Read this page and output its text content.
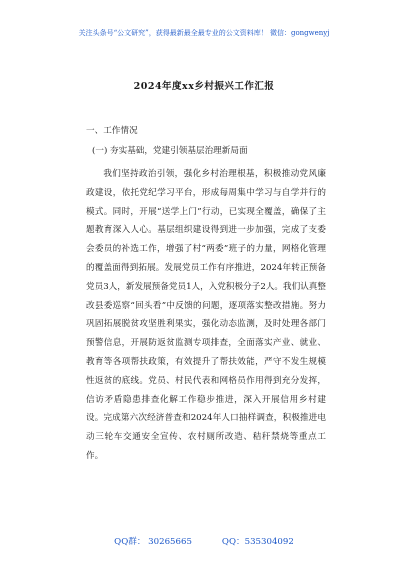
关注头条号“公文研究”，获得最新最全最专业的公文资料库！ 微信：gongwenyj
2024年度xx乡村振兴工作汇报
一、工作情况
(一) 夯实基础，党建引领基层治理新局面

我们坚持政治引领，强化乡村治理根基，积极推动党风廉政建设，依托党纪学习平台，形成每周集中学习与自学并行的模式。同时，开展“送学上门”行动，已实现全覆盖，确保了主题教育深入人心。基层组织建设得到进一步加强，完成了支委会委员的补选工作，增强了村“两委”班子的力量，网格化管理的覆盖面得到拓展。发展党员工作有序推进，2024年转正预备党员3人，新发展预备党员1人，入党积极分子2人。我们认真整改县委巡察“回头看”中反馈的问题，逐项落实整改措施。努力巩固拓展脱贫攻坚胜利果实，强化动态监测，及时处理各部门预警信息，开展防返贫监测专项排查，全面落实产业、就业、教育等各项帮扶政策，有效提升了帮扶效能，严守不发生规模性返贫的底线。党员、村民代表和网格员作用得到充分发挥，信访矛盾隐患排查化解工作稳步推进，深入开展信用乡村建设。完成第六次经济普查和2024年人口抽样调查，积极推进电动三轮车交通安全宣传、农村厕所改造、秸秆禁烧等重点工作。

QQ群： 30265665	QQ：535304092
